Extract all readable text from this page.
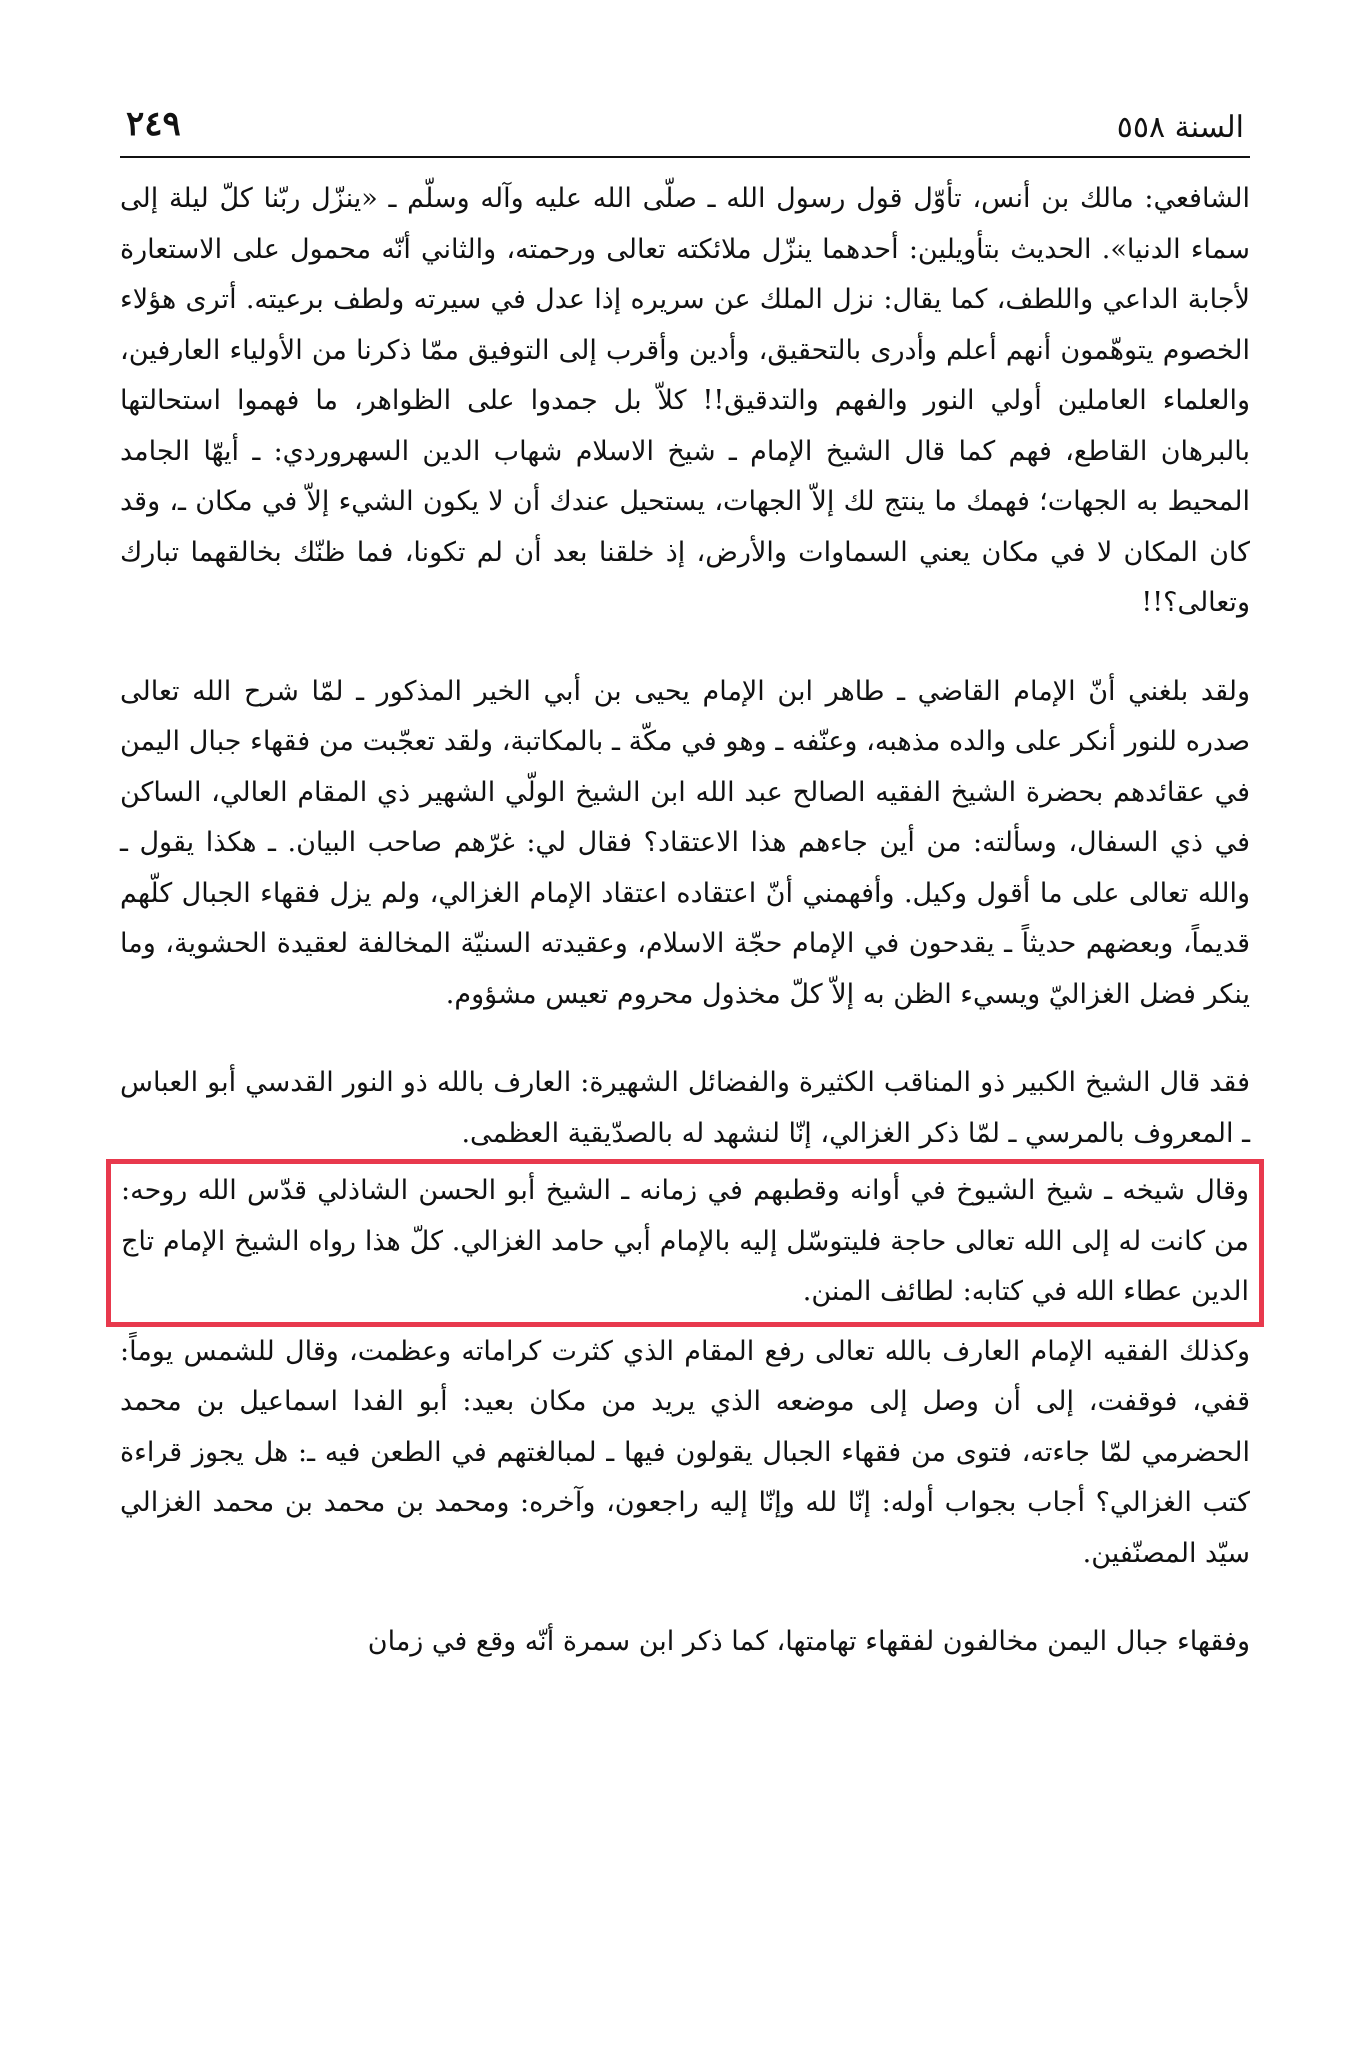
السنة ٥٥٨
٢٤٩

الشافعي: مالك بن أنس، تأوّل قول رسول الله ـ صلّى الله عليه وآله وسلّم ـ «ينزّل ربّنا كلّ ليلة إلى سماء الدنيا». الحديث بتأويلين: أحدهما ينزّل ملائكته تعالى ورحمته، والثاني أنّه محمول على الاستعارة لأجابة الداعي واللطف، كما يقال: نزل الملك عن سريره إذا عدل في سيرته ولطف برعيته. أترى هؤلاء الخصوم يتوهّمون أنهم أعلم وأدرى بالتحقيق، وأدين وأقرب إلى التوفيق ممّا ذكرنا من الأولياء العارفين، والعلماء العاملين أولي النور والفهم والتدقيق!! كلاّ بل جمدوا على الظواهر، ما فهموا استحالتها بالبرهان القاطع، فهم كما قال الشيخ الإمام ـ شيخ الاسلام شهاب الدين السهروردي: ـ أيهّا الجامد المحيط به الجهات؛ فهمك ما ينتج لك إلاّ الجهات، يستحيل عندك أن لا يكون الشيء إلاّ في مكان ـ، وقد كان المكان لا في مكان يعني السماوات والأرض، إذ خلقنا بعد أن لم تكونا، فما ظنّك بخالقهما تبارك وتعالى؟!!

ولقد بلغني أنّ الإمام القاضي ـ طاهر ابن الإمام يحيى بن أبي الخير المذكور ـ لمّا شرح الله تعالى صدره للنور أنكر على والده مذهبه، وعنّفه ـ وهو في مكّة ـ بالمكاتبة، ولقد تعجّبت من فقهاء جبال اليمن في عقائدهم بحضرة الشيخ الفقيه الصالح عبد الله ابن الشيخ الولّي الشهير ذي المقام العالي، الساكن في ذي السفال، وسألته: من أين جاءهم هذا الاعتقاد؟ فقال لي: غرّهم صاحب البيان. ـ هكذا يقول ـ والله تعالى على ما أقول وكيل. وأفهمني أنّ اعتقاده اعتقاد الإمام الغزالي، ولم يزل فقهاء الجبال كلّهم قديماً، وبعضهم حديثاً ـ يقدحون في الإمام حجّة الاسلام، وعقيدته السنيّة المخالفة لعقيدة الحشوية، وما ينكر فضل الغزاليّ ويسيء الظن به إلاّ كلّ مخذول محروم تعيس مشؤوم.

فقد قال الشيخ الكبير ذو المناقب الكثيرة والفضائل الشهيرة: العارف بالله ذو النور القدسي أبو العباس ـ المعروف بالمرسي ـ لمّا ذكر الغزالي، إنّا لنشهد له بالصدّيقية العظمى.

وقال شيخه ـ شيخ الشيوخ في أوانه وقطبهم في زمانه ـ الشيخ أبو الحسن الشاذلي قدّس الله روحه: من كانت له إلى الله تعالى حاجة فليتوسّل إليه بالإمام أبي حامد الغزالي. كلّ هذا رواه الشيخ الإمام تاج الدين عطاء الله في كتابه: لطائف المنن.

وكذلك الفقيه الإمام العارف بالله تعالى رفع المقام الذي كثرت كراماته وعظمت، وقال للشمس يوماً: قفي، فوقفت، إلى أن وصل إلى موضعه الذي يريد من مكان بعيد: أبو الفدا اسماعيل بن محمد الحضرمي لمّا جاءته، فتوى من فقهاء الجبال يقولون فيها ـ لمبالغتهم في الطعن فيه ـ: هل يجوز قراءة كتب الغزالي؟ أجاب بجواب أوله: إنّا لله وإنّا إليه راجعون، وآخره: ومحمد بن محمد بن محمد الغزالي سيّد المصنّفين.

وفقهاء جبال اليمن مخالفون لفقهاء تهامتها، كما ذكر ابن سمرة أنّه وقع في زمان
